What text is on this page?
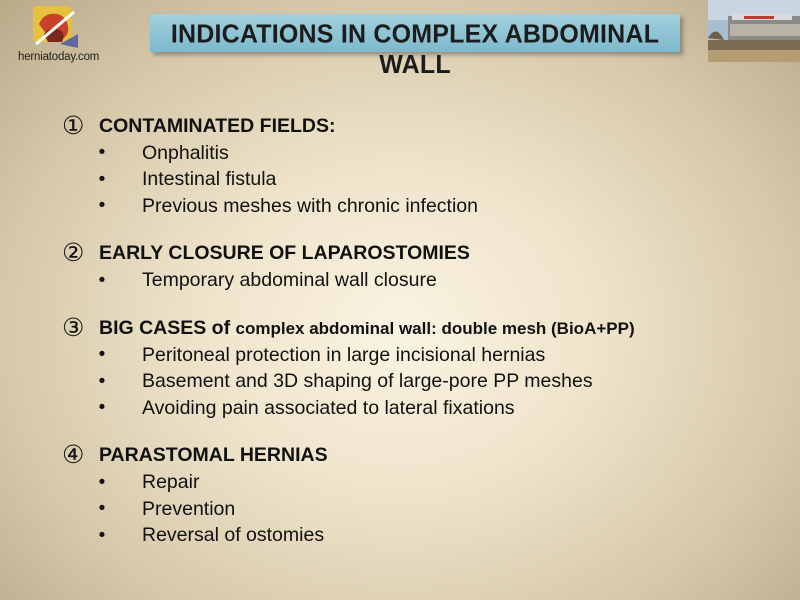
herniatoday.com
INDICATIONS IN COMPLEX ABDOMINAL WALL
① CONTAMINATED FIELDS:
•	Onphalitis
•	Intestinal fistula
•	Previous meshes with chronic infection
② EARLY CLOSURE OF LAPAROSTOMIES
•	Temporary abdominal wall closure
③ BIG CASES of complex abdominal wall: double mesh (BioA+PP)
•	Peritoneal protection in large incisional hernias
•	Basement and 3D shaping of large-pore PP meshes
•	Avoiding pain associated to lateral fixations
④ PARASTOMAL HERNIAS
•	Repair
•	Prevention
•	Reversal of ostomies
